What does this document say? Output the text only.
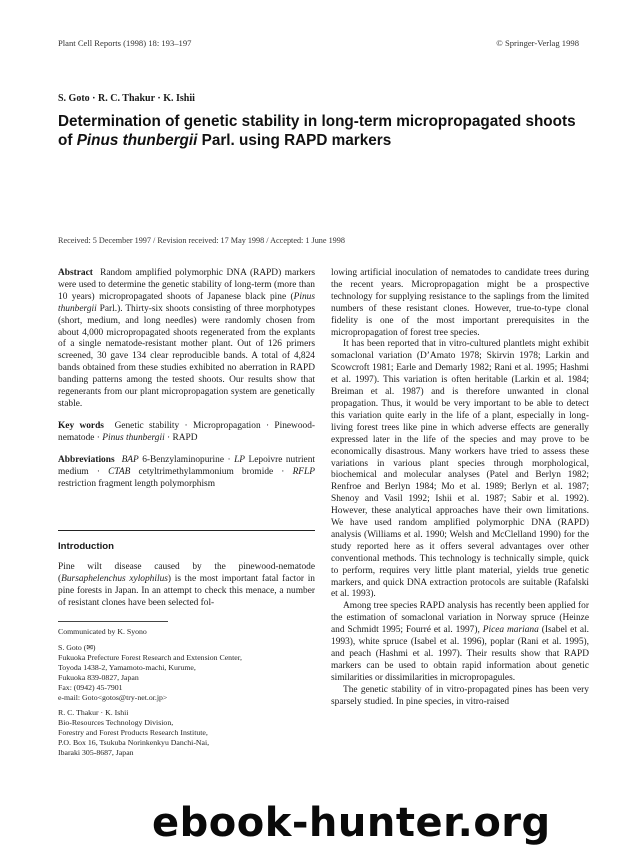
Plant Cell Reports (1998) 18: 193–197	© Springer-Verlag 1998
S. Goto · R. C. Thakur · K. Ishii
Determination of genetic stability in long-term micropropagated shoots of Pinus thunbergii Parl. using RAPD markers
Received: 5 December 1997 / Revision received: 17 May 1998 / Accepted: 1 June 1998

Abstract Random amplified polymorphic DNA (RAPD) markers were used to determine the genetic stability of long-term (more than 10 years) micropropagated shoots of Japanese black pine (Pinus thunbergii Parl.). Thirty-six shoots consisting of three morphotypes (short, medium, and long needles) were randomly chosen from about 4,000 micropropagated shoots regenerated from the explants of a single nematode-resistant mother plant. Out of 126 primers screened, 30 gave 134 clear reproducible bands. A total of 4,824 bands obtained from these studies exhibited no aberration in RAPD banding patterns among the tested shoots. Our results show that regenerants from our plant micropropagation system are genetically stable.

Key words Genetic stability · Micropropagation · Pinewood-nematode · Pinus thunbergii · RAPD

Abbreviations BAP 6-Benzylaminopurine · LP Lepoivre nutrient medium · CTAB cetyltrimethylammonium bromide · RFLP restriction fragment length polymorphism

Introduction

Pine wilt disease caused by the pinewood-nematode (Bursaphelenchus xylophilus) is the most important fatal factor in pine forests in Japan. In an attempt to check this menace, a number of resistant clones have been selected fol-

Communicated by K. Syono

S. Goto (✉)

Fukuoka Prefecture Forest Research and Extension Center,

Toyoda 1438-2, Yamamoto-machi, Kurume,

Fukuoka 839-0827, Japan

Fax: (0942) 45-7901

e-mail: Goto<gotos@try-net.or.jp>

R. C. Thakur · K. Ishii

Bio-Resources Technology Division,

Forestry and Forest Products Research Institute,

P.O. Box 16, Tsukuba Norinkenkyu Danchi-Nai,

Ibaraki 305-8687, Japan

lowing artificial inoculation of nematodes to candidate trees during the recent years. Micropropagation might be a prospective technology for supplying resistance to the saplings from the limited numbers of these resistant clones. However, true-to-type clonal fidelity is one of the most important prerequisites in the micropropagation of forest tree species.

It has been reported that in vitro-cultured plantlets might exhibit somaclonal variation (D’Amato 1978; Skirvin 1978; Larkin and Scowcroft 1981; Earle and Demarly 1982; Rani et al. 1995; Hashmi et al. 1997). This variation is often heritable (Larkin et al. 1984; Breiman et al. 1987) and is therefore unwanted in clonal propagation. Thus, it would be very important to be able to detect this variation quite early in the life of a plant, especially in long-living forest trees like pine in which adverse effects are generally expressed later in the life of the species and may prove to be economically disastrous. Many workers have tried to assess these variations in various plant species through morphological, biochemical and molecular analyses (Patel and Berlyn 1982; Renfroe and Berlyn 1984; Mo et al. 1989; Berlyn et al. 1987; Shenoy and Vasil 1992; Ishii et al. 1987; Sabir et al. 1992). However, these analytical approaches have their own limitations. We have used random amplified polymorphic DNA (RAPD) analysis (Williams et al. 1990; Welsh and McClelland 1990) for the study reported here as it offers several advantages over other conventional methods. This technology is technically simple, quick to perform, requires very little plant material, yields true genetic markers, and quick DNA extraction protocols are suitable (Rafalski et al. 1993).

Among tree species RAPD analysis has recently been applied for the estimation of somaclonal variation in Norway spruce (Heinze and Schmidt 1995; Fourré et al. 1997), Picea mariana (Isabel et al. 1993), white spruce (Isabel et al. 1996), poplar (Rani et al. 1995), and peach (Hashmi et al. 1997). Their results show that RAPD markers can be used to obtain rapid information about genetic similarities or dissimilarities in micropropagules.

The genetic stability of in vitro-propagated pines has been very sparsely studied. In pine species, in vitro-raised

ebook-hunter.org
